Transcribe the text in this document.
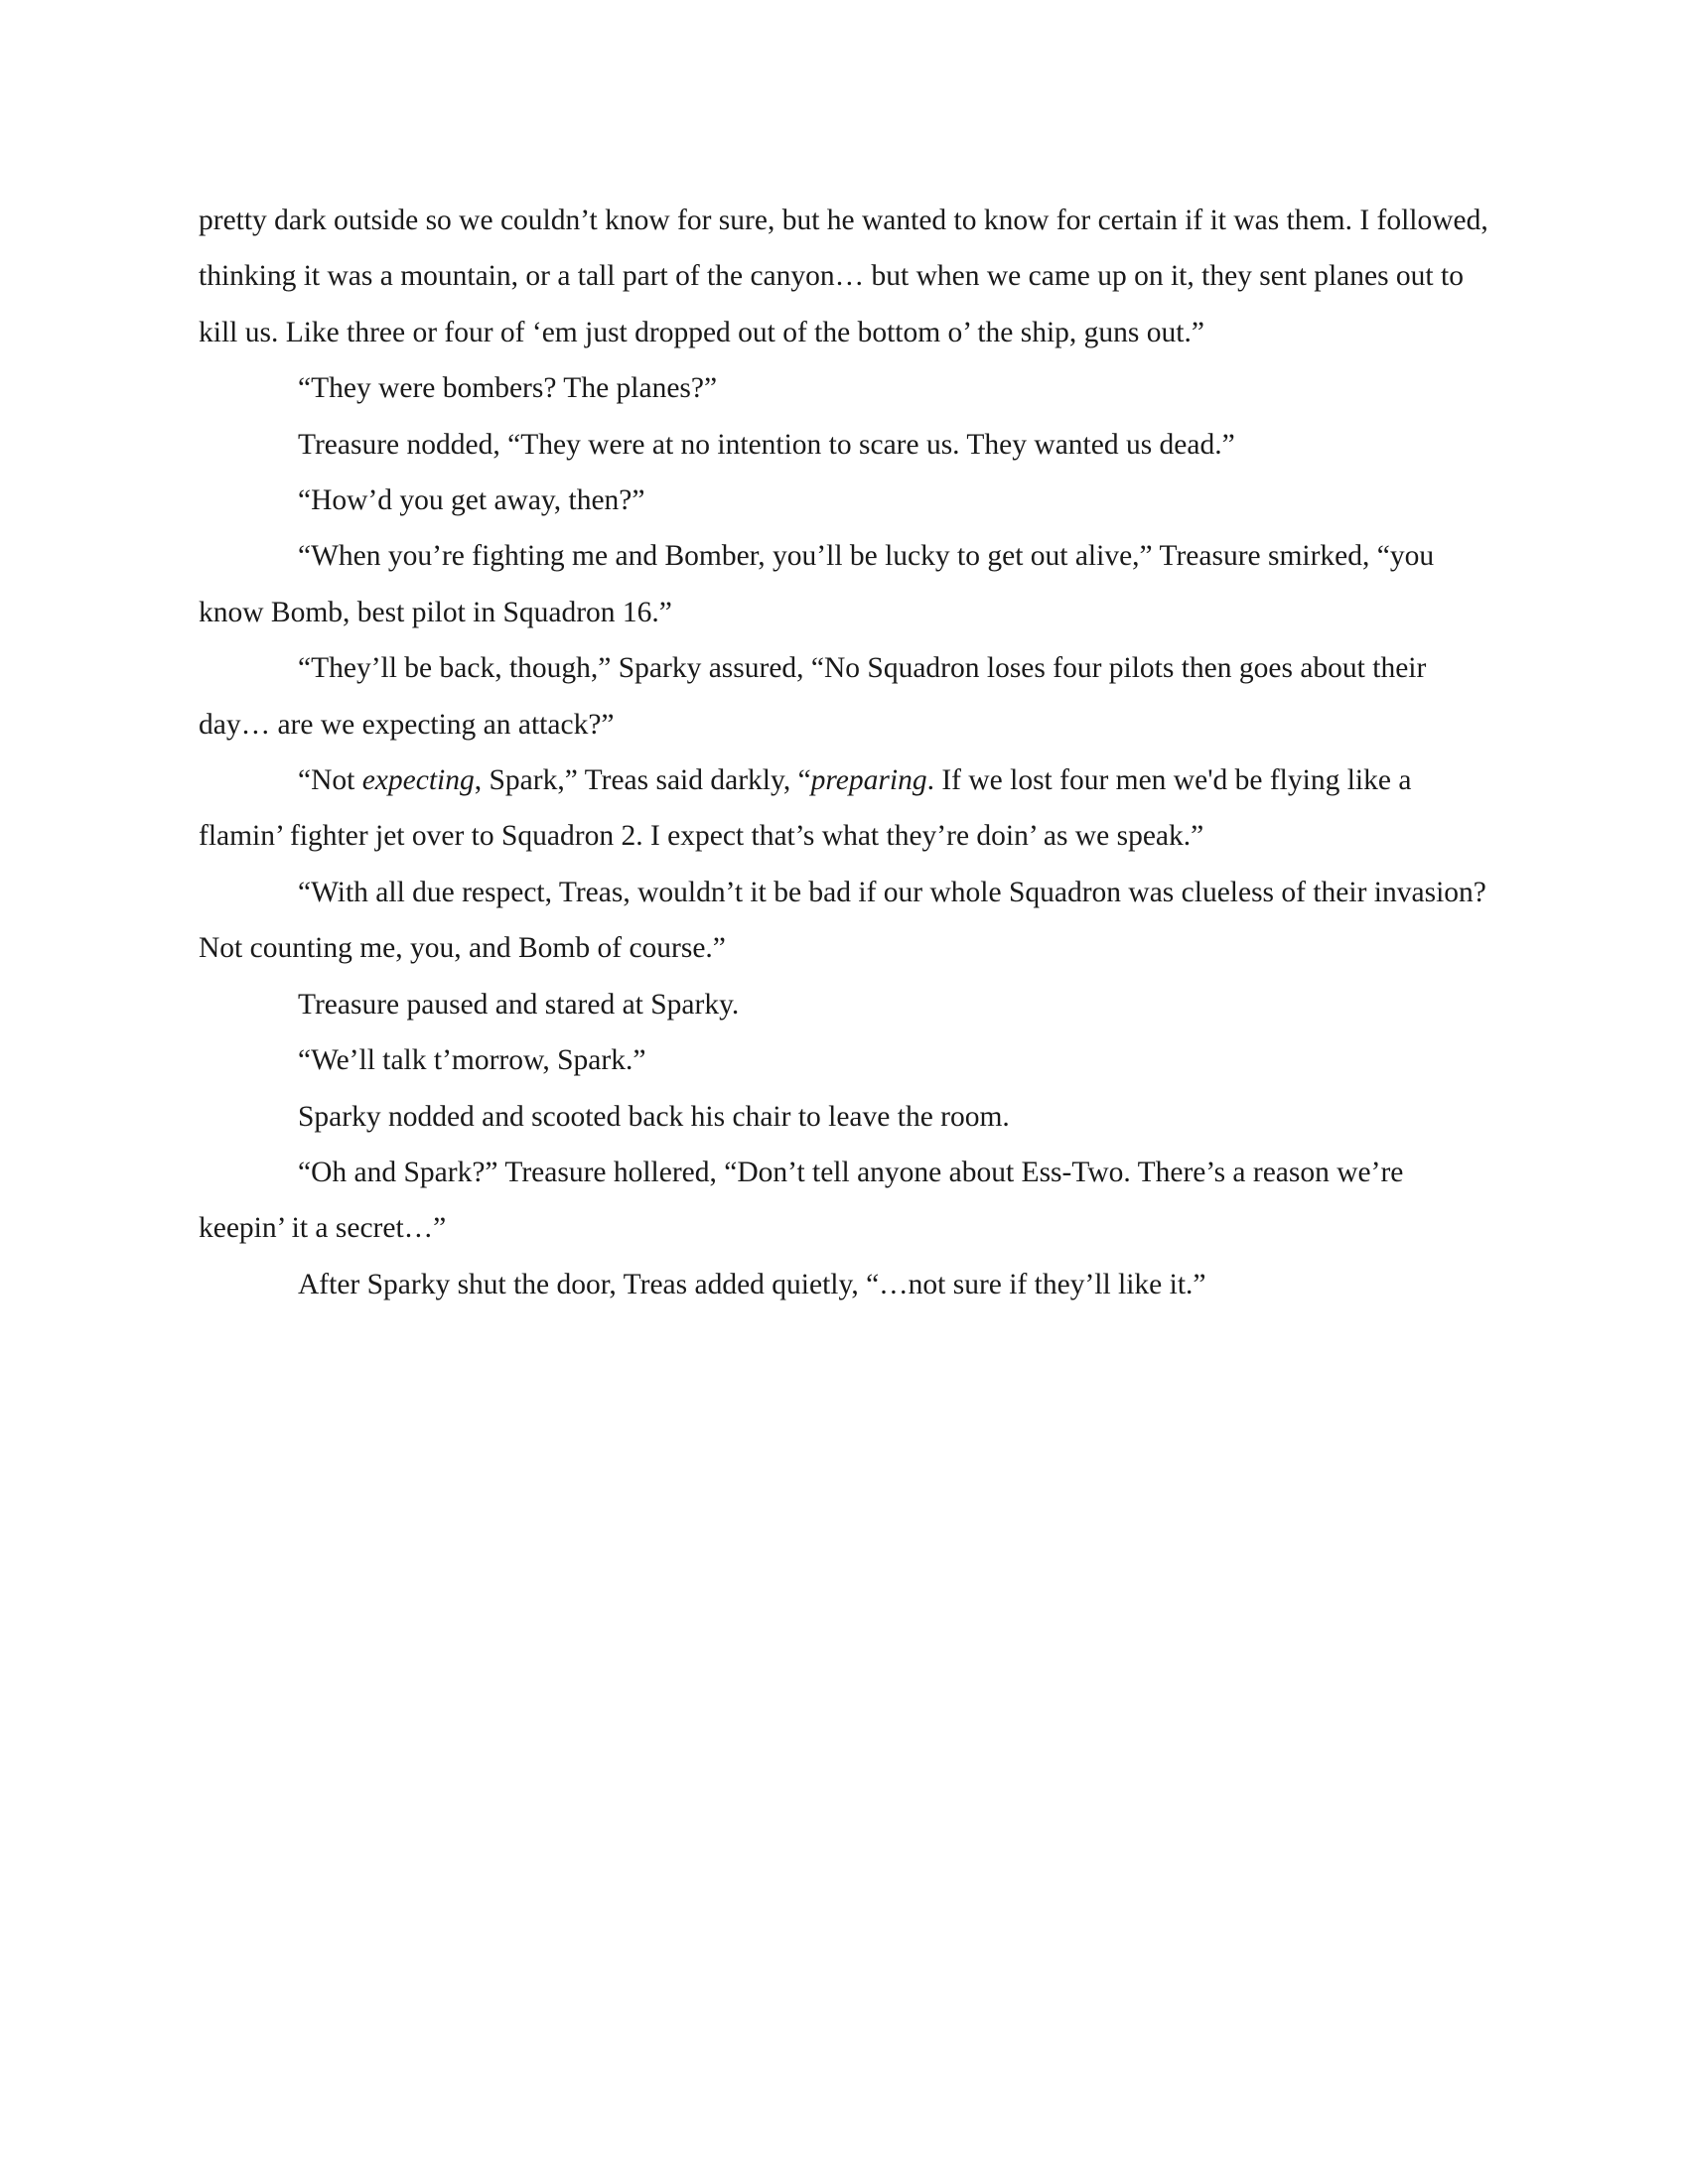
pretty dark outside so we couldn’t know for sure, but he wanted to know for certain if it was them. I followed, thinking it was a mountain, or a tall part of the canyon… but when we came up on it, they sent planes out to kill us. Like three or four of ‘em just dropped out of the bottom o’ the ship, guns out.”

“They were bombers? The planes?”

Treasure nodded, “They were at no intention to scare us. They wanted us dead.”

“How’d you get away, then?”

“When you’re fighting me and Bomber, you’ll be lucky to get out alive,” Treasure smirked, “you know Bomb, best pilot in Squadron 16.”

“They’ll be back, though,” Sparky assured, “No Squadron loses four pilots then goes about their day… are we expecting an attack?”

“Not expecting, Spark,” Treas said darkly, “preparing. If we lost four men we'd be flying like a flamin’ fighter jet over to Squadron 2. I expect that’s what they’re doin’ as we speak.”

“With all due respect, Treas, wouldn’t it be bad if our whole Squadron was clueless of their invasion? Not counting me, you, and Bomb of course.”

Treasure paused and stared at Sparky.

“We’ll talk t’morrow, Spark.”

Sparky nodded and scooted back his chair to leave the room.

“Oh and Spark?” Treasure hollered, “Don’t tell anyone about Ess-Two. There’s a reason we’re keepin’ it a secret…”

After Sparky shut the door, Treas added quietly, “…not sure if they’ll like it.”
